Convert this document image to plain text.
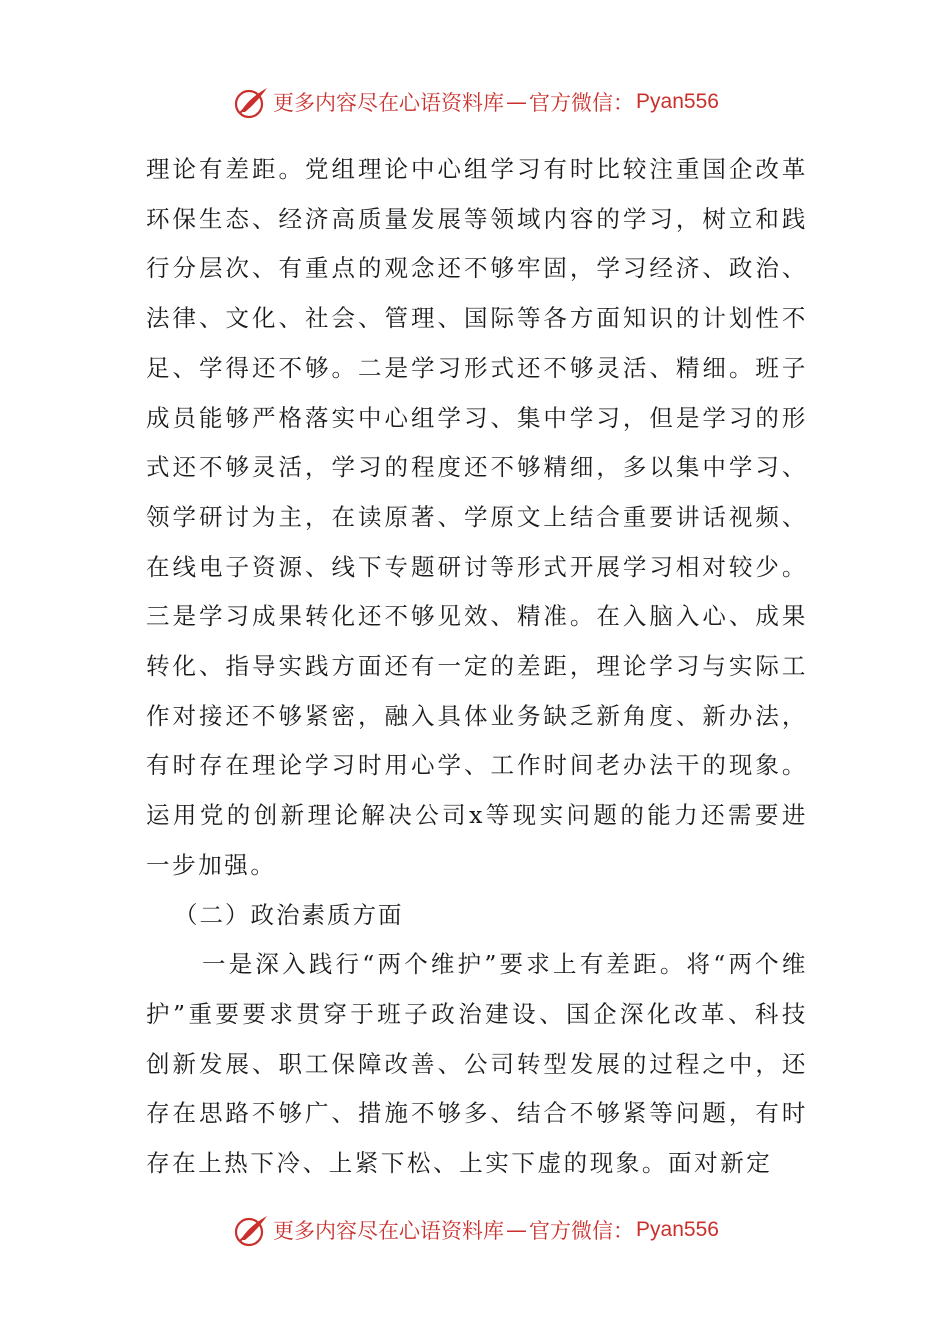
更多内容尽在心语资料库 — 官方微信： Pyan556

理论有差距。党组理论中心组学习有时比较注重国企改革环保生态、经济高质量发展等领域内容的学习，树立和践行分层次、有重点的观念还不够牢固，学习经济、政治、法律、文化、社会、管理、国际等各方面知识的计划性不足、学得还不够。二是学习形式还不够灵活、精细。班子成员能够严格落实中心组学习、集中学习，但是学习的形式还不够灵活，学习的程度还不够精细，多以集中学习、领学研讨为主，在读原著、学原文上结合重要讲话视频、在线电子资源、线下专题研讨等形式开展学习相对较少。三是学习成果转化还不够见效、精准。在入脑入心、成果转化、指导实践方面还有一定的差距，理论学习与实际工作对接还不够紧密，融入具体业务缺乏新角度、新办法，有时存在理论学习时用心学、工作时间老办法干的现象。运用党的创新理论解决公司x等现实问题的能力还需要进一步加强。

（二）政治素质方面

一是深入践行“两个维护”要求上有差距。将“两个维护”重要要求贯穿于班子政治建设、国企深化改革、科技创新发展、职工保障改善、公司转型发展的过程之中，还存在思路不够广、措施不够多、结合不够紧等问题，有时存在上热下冷、上紧下松、上实下虚的现象。面对新定

更多内容尽在心语资料库 — 官方微信： Pyan556
